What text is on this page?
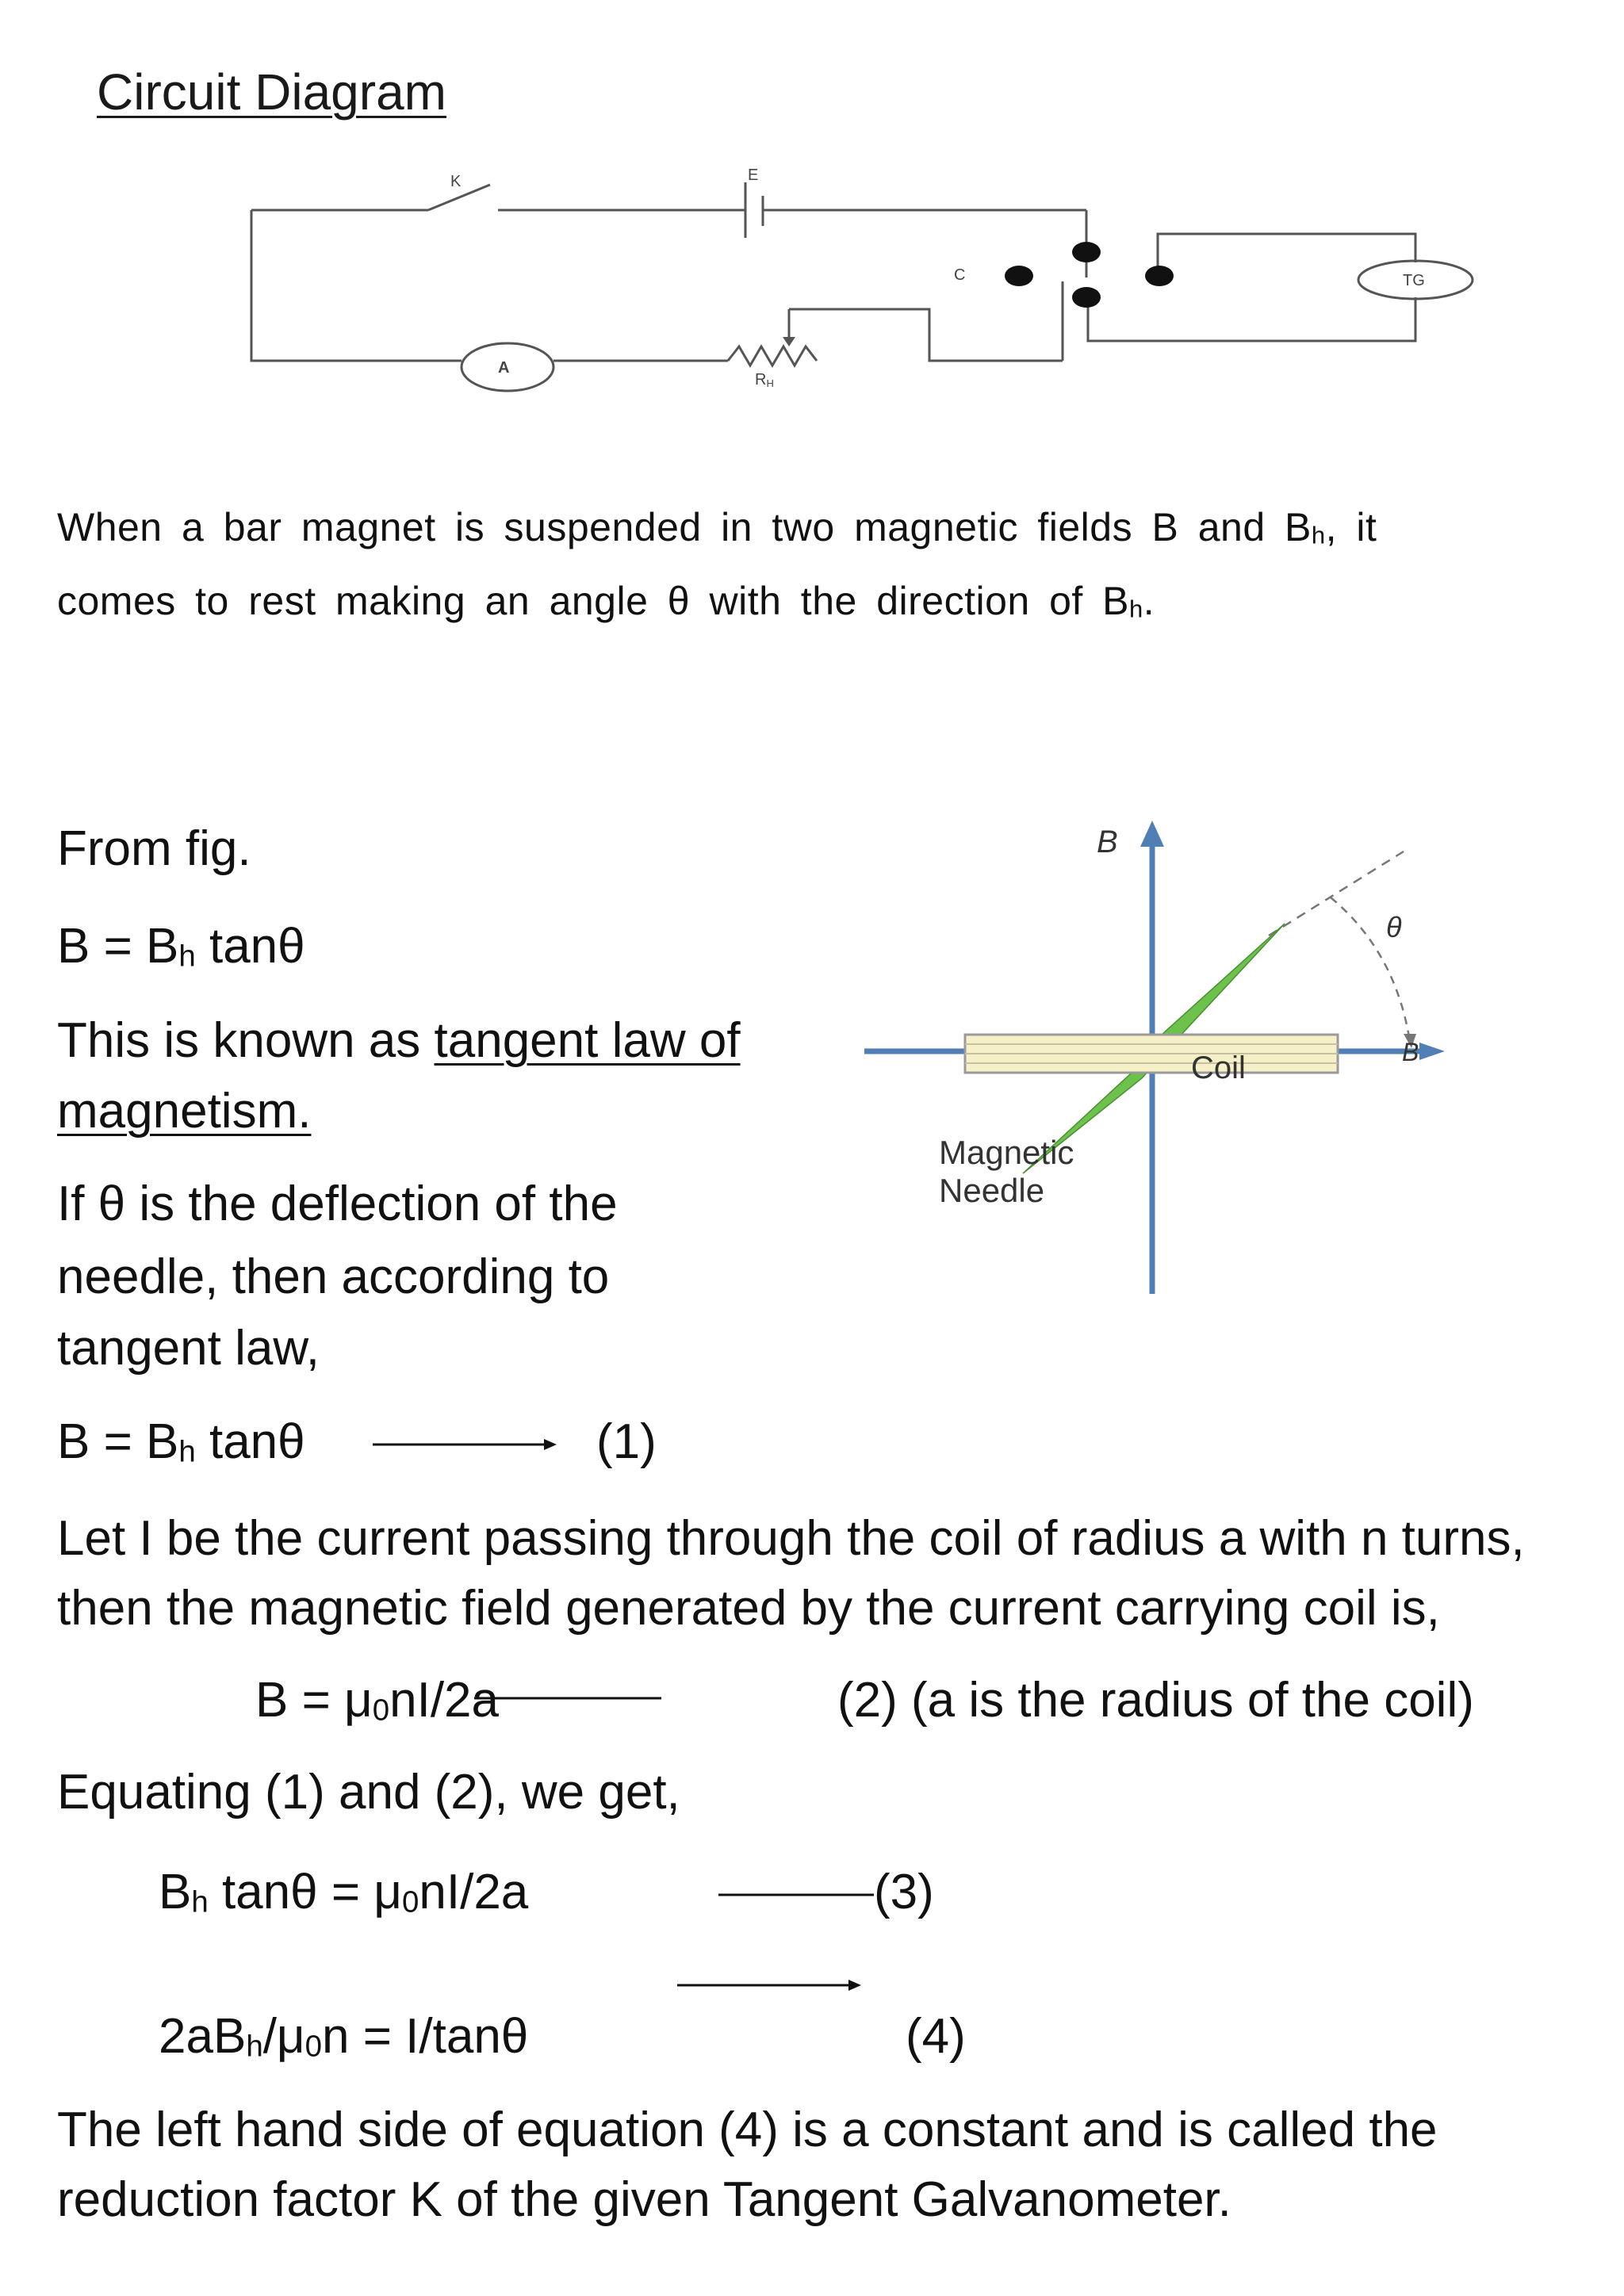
Circuit Diagram
K	E
C	TG
A
RH
When a bar magnet is suspended in two magnetic fields B and $B_h$, it
comes to rest making an angle θ with the direction of $B_h$.
From fig.
$B = B_h$ tanθ
This is known as tangent law of
magnetism.
If θ is the deflection of the
needle, then according to
tangent law,
B
θ
B
Coil
Magnetic
Needle
$B = B_h$ tanθ	(1)
Let I be the current passing through the coil of radius a with n turns,
then the magnetic field generated by the current carrying coil is,
$B = \mu_0nI/2a$	(2) (a is the radius of the coil)
Equating (1) and (2), we get,
$B_h$ $\tan\theta = \mu_0nI/2a$	(3)
$2aB_h/\mu_0n = I/\tan\theta$	(4)
The left hand side of equation (4) is a constant and is called the
reduction factor K of the given Tangent Galvanometer.
